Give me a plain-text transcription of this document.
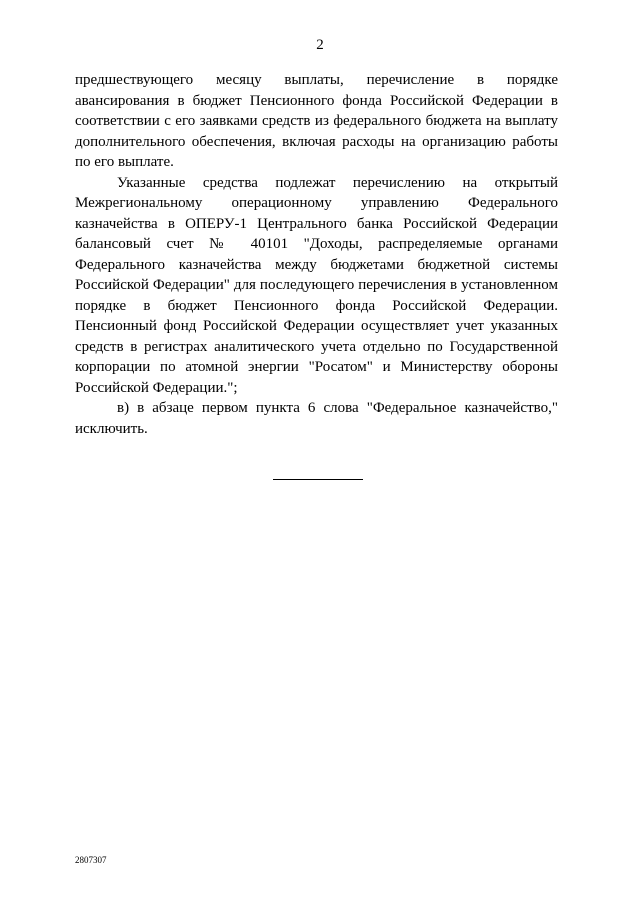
2
предшествующего месяцу выплаты, перечисление в порядке
авансирования в бюджет Пенсионного фонда Российской Федерации в
соответствии с его заявками средств из федерального бюджета на выплату
дополнительного обеспечения, включая расходы на организацию работы
по его выплате.
Указанные средства подлежат перечислению на открытый
Межрегиональному операционному управлению Федерального
казначейства в ОПЕРУ-1 Центрального банка Российской Федерации
балансовый счет № 40101 "Доходы, распределяемые органами
Федерального казначейства между бюджетами бюджетной системы
Российской Федерации" для последующего перечисления в установленном
порядке в бюджет Пенсионного фонда Российской Федерации.
Пенсионный фонд Российской Федерации осуществляет учет указанных
средств в регистрах аналитического учета отдельно по Государственной
корпорации по атомной энергии "Росатом" и Министерству обороны
Российской Федерации.";
в) в абзаце первом пункта 6 слова "Федеральное казначейство,"
исключить.
2807307
